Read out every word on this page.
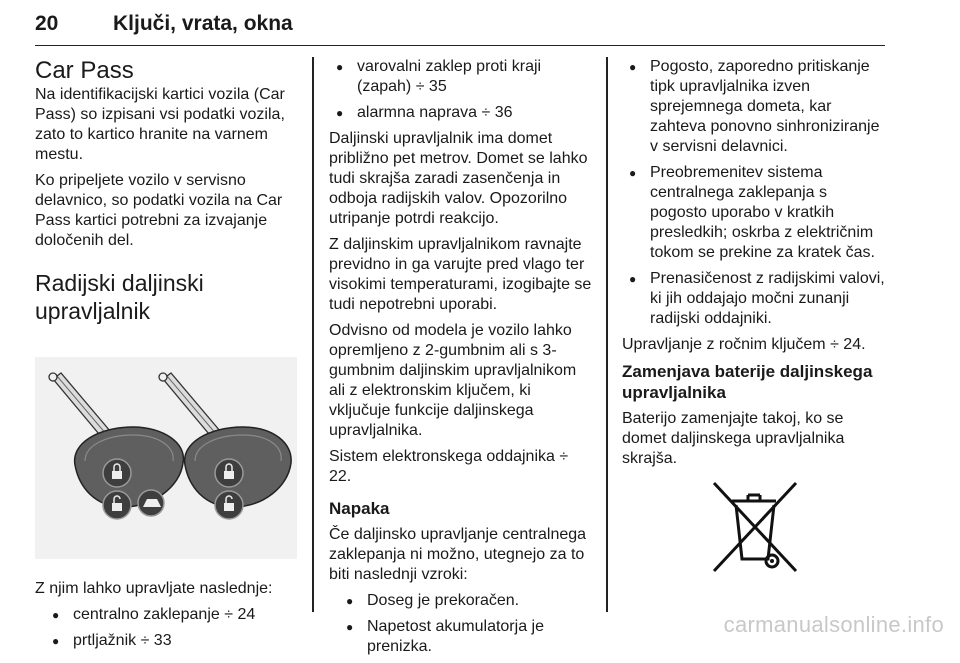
20	Ključi, vrata, okna
Car Pass

Na identifikacijski kartici vozila (Car Pass) so izpisani vsi podatki vozila, zato to kartico hranite na varnem mestu.

Ko pripeljete vozilo v servisno delavnico, so podatki vozila na Car Pass kartici potrebni za izvajanje določenih del.

Radijski daljinski upravljalnik

Z njim lahko upravljate naslednje:

● centralno zaklepanje ÷ 24
● prtljažnik ÷ 33
● varovalni zaklep proti kraji (zapah) ÷ 35
● alarmna naprava ÷ 36

Daljinski upravljalnik ima domet približno pet metrov. Domet se lahko tudi skrajša zaradi zasenčenja in odboja radijskih valov. Opozorilno utripanje potrdi reakcijo.

Z daljinskim upravljalnikom ravnajte previdno in ga varujte pred vlago ter visokimi temperaturami, izogibajte se tudi nepotrebni uporabi.

Odvisno od modela je vozilo lahko opremljeno z 2-gumbnim ali s 3-gumbnim daljinskim upravljalnikom ali z elektronskim ključem, ki vključuje funkcije daljinskega upravljalnika.

Sistem elektronskega oddajnika ÷ 22.

Napaka

Če daljinsko upravljanje centralnega zaklepanja ni možno, utegnejo za to biti naslednji vzroki:

● Doseg je prekoračen.
● Napetost akumulatorja je prenizka.
● Pogosto, zaporedno pritiskanje tipk upravljalnika izven sprejemnega dometa, kar zahteva ponovno sinhroniziranje v servisni delavnici.
● Preobremenitev sistema centralnega zaklepanja s pogosto uporabo v kratkih presledkih; oskrba z električnim tokom se prekine za kratek čas.
● Prenasičenost z radijskimi valovi, ki jih oddajajo močni zunanji radijski oddajniki.

Upravljanje z ročnim ključem ÷ 24.

Zamenjava baterije daljinskega upravljalnika

Baterijo zamenjajte takoj, ko se domet daljinskega upravljalnika skrajša.

carmanualsonline.info
